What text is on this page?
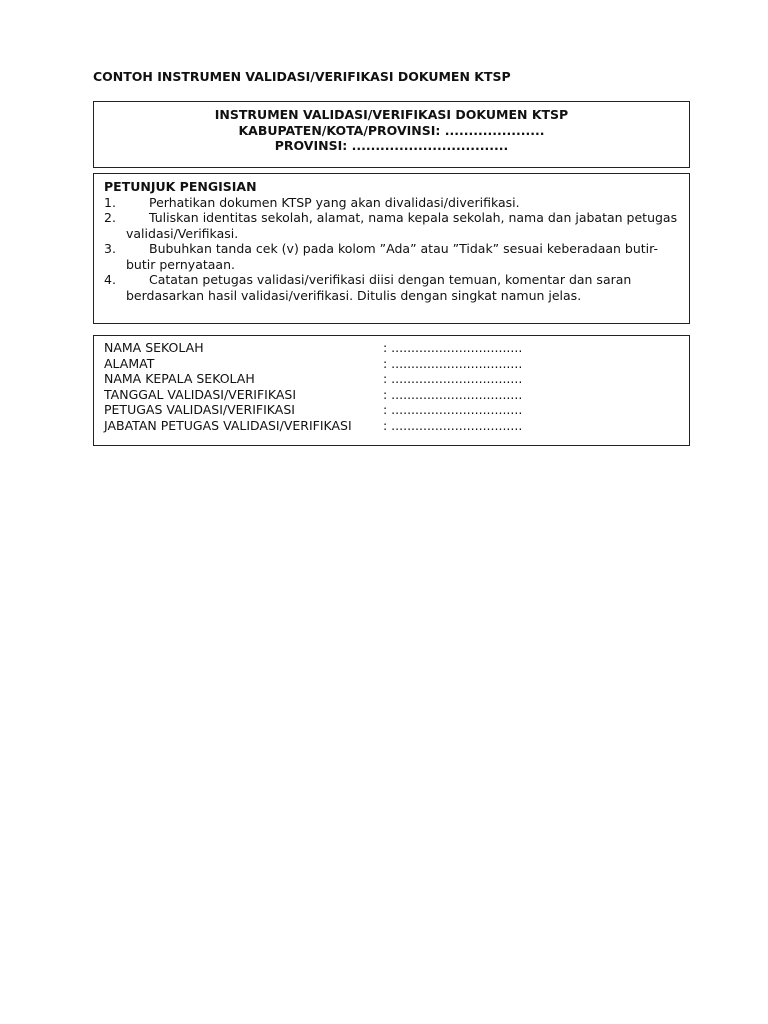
CONTOH INSTRUMEN VALIDASI/VERIFIKASI DOKUMEN KTSP
INSTRUMEN VALIDASI/VERIFIKASI DOKUMEN KTSP
KABUPATEN/KOTA/PROVINSI: .....................
PROVINSI: .................................
PETUNJUK PENGISIAN
1.	Perhatikan dokumen KTSP yang akan divalidasi/diverifikasi.
2.	Tuliskan identitas sekolah, alamat, nama kepala sekolah, nama dan jabatan petugas validasi/Verifikasi.
3.	Bubuhkan tanda cek (v) pada kolom ”Ada” atau ”Tidak” sesuai keberadaan butir-butir pernyataan.
4.	Catatan petugas validasi/verifikasi diisi dengan temuan, komentar dan saran berdasarkan hasil validasi/verifikasi. Ditulis dengan singkat namun jelas.
NAMA SEKOLAH	: .................................
ALAMAT	: .................................
NAMA KEPALA SEKOLAH	: .................................
TANGGAL VALIDASI/VERIFIKASI	: .................................
PETUGAS VALIDASI/VERIFIKASI	: .................................
JABATAN PETUGAS VALIDASI/VERIFIKASI	: .................................
